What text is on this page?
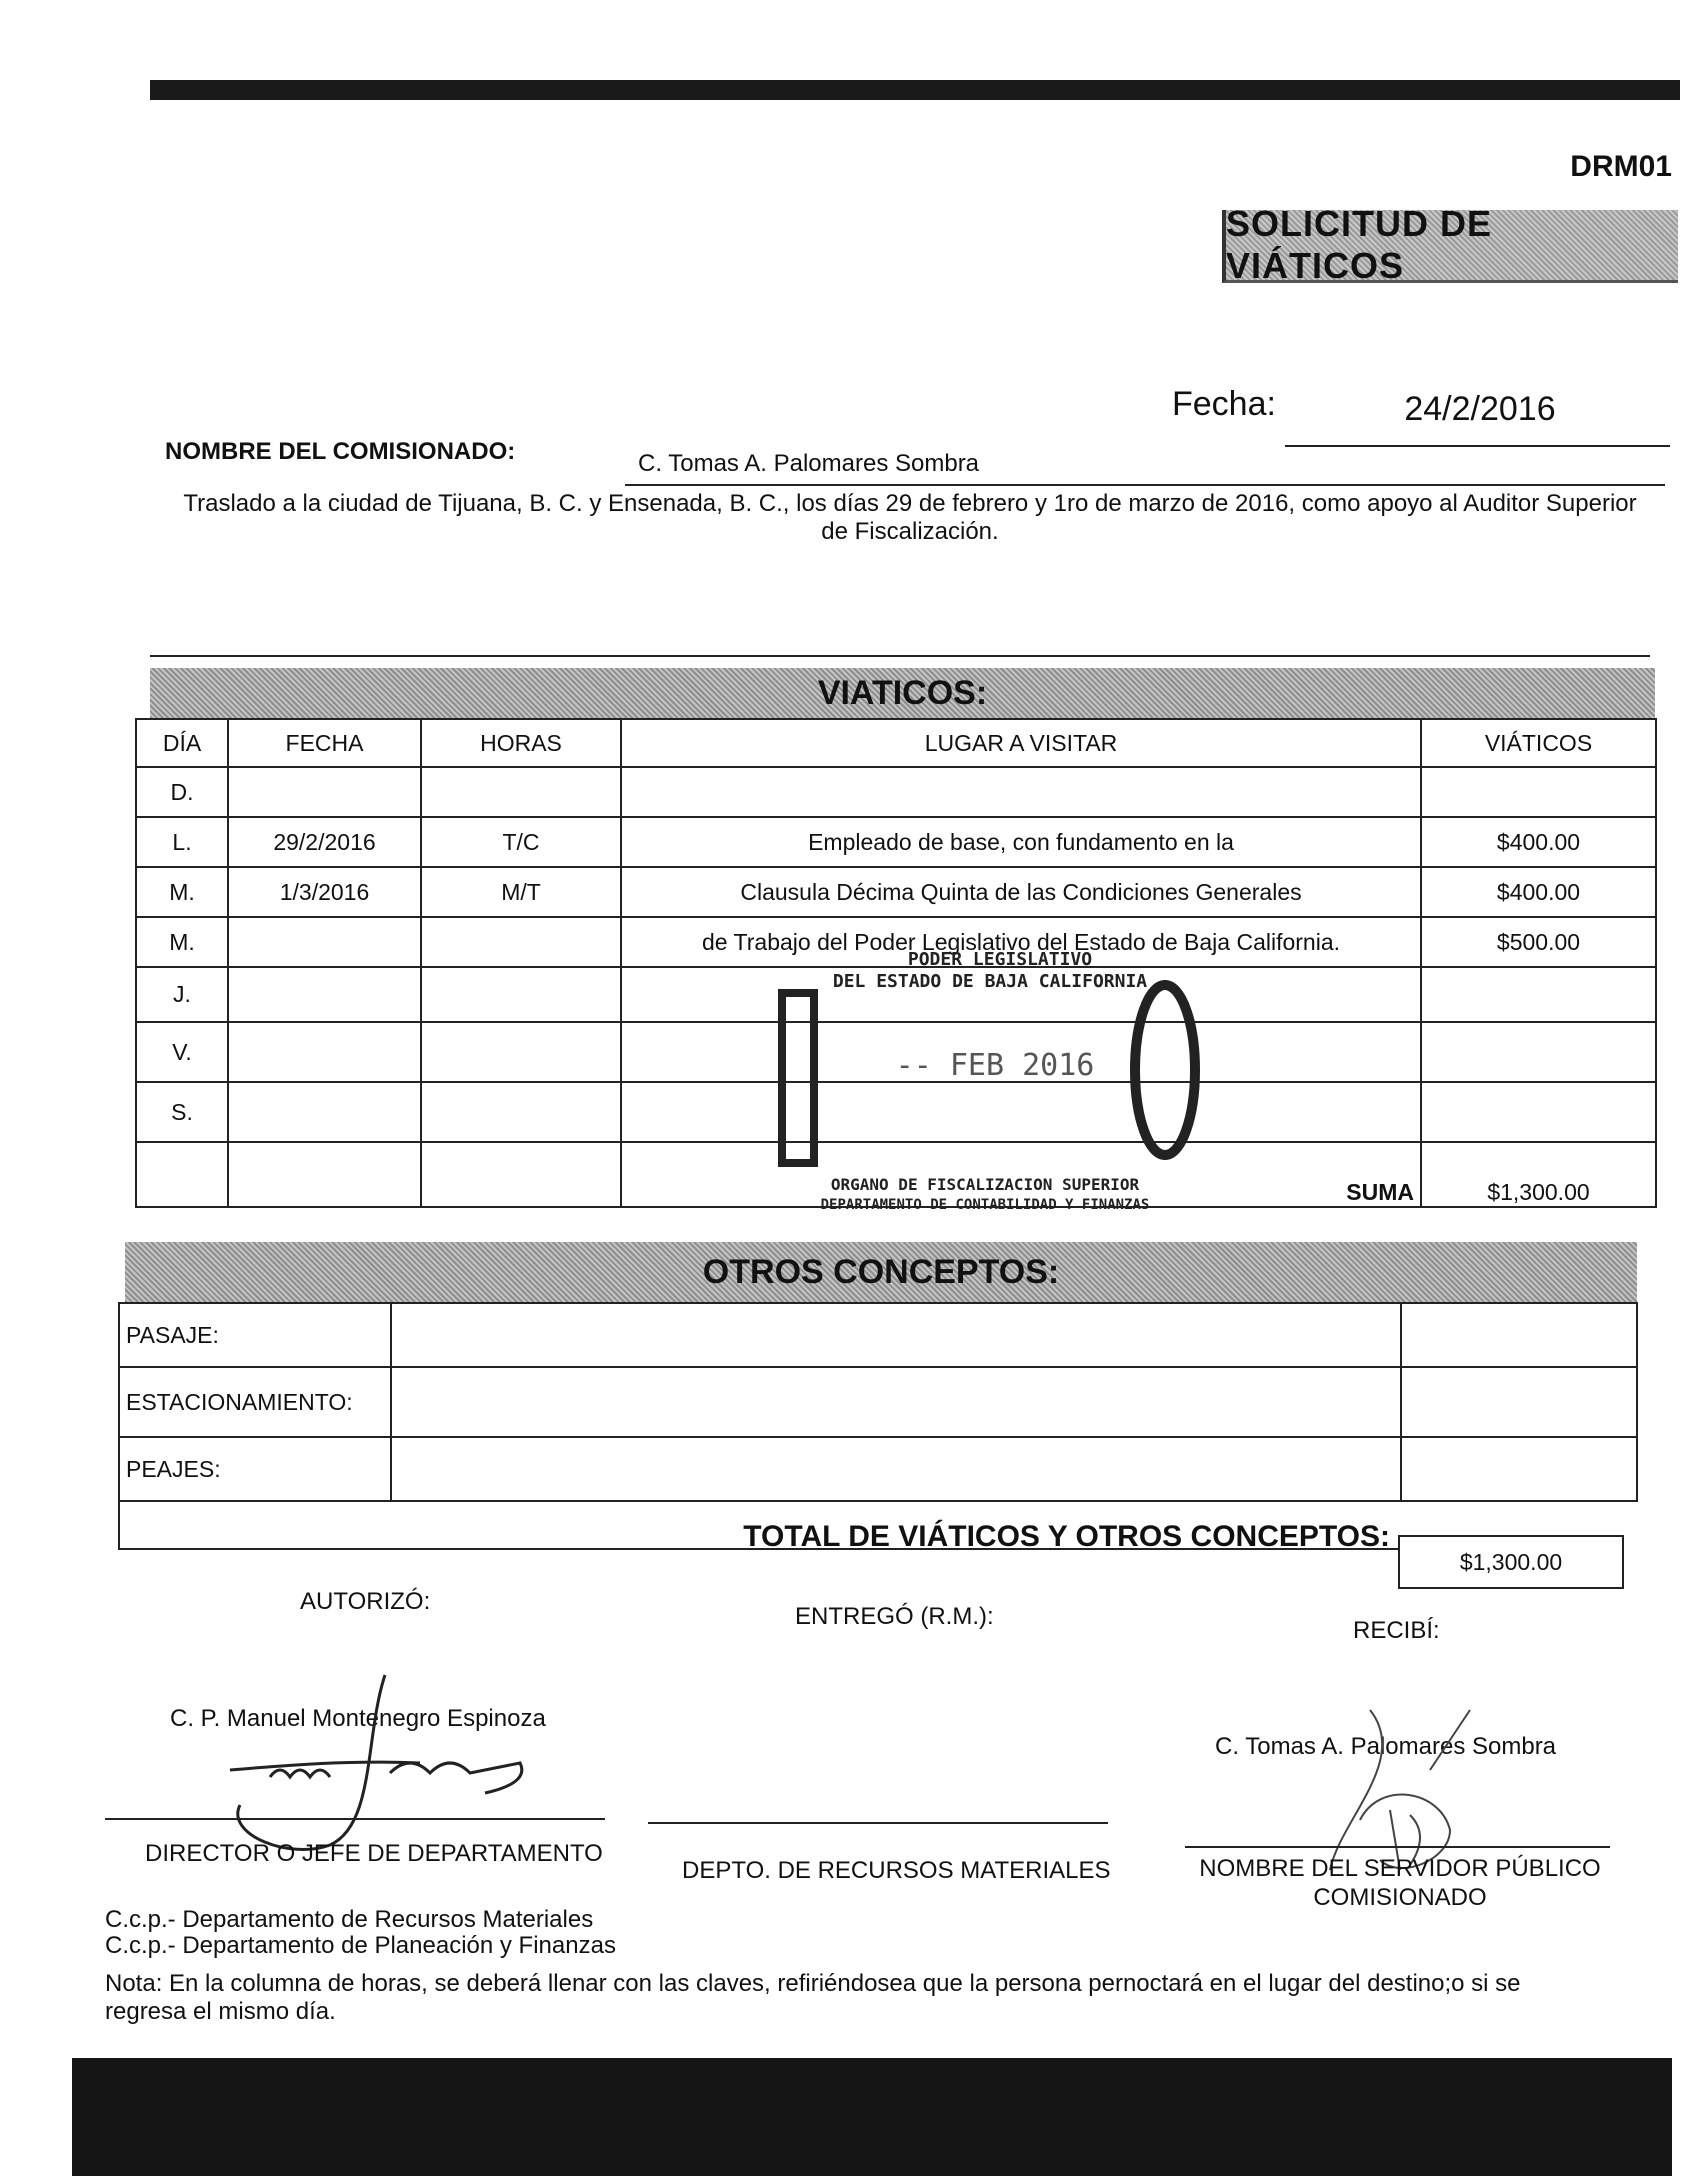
DRM01
SOLICITUD DE VIÁTICOS
Fecha:	24/2/2016
NOMBRE DEL COMISIONADO:	C. Tomas A. Palomares Sombra
Traslado a la ciudad de Tijuana, B. C. y Ensenada, B. C., los días 29 de febrero y 1ro de marzo de 2016, como apoyo al Auditor Superior de Fiscalización.
VIATICOS:
DÍA	FECHA	HORAS	LUGAR A VISITAR	VIÁTICOS
D.				
L.	29/2/2016	T/C	Empleado de base, con fundamento en la	$400.00
M.	1/3/2016	M/T	Clausula Décima Quinta de las Condiciones Generales	$400.00
M.			de Trabajo del Poder Legislativo del Estado de Baja California.	$500.00
J.				
V.				
S.				
			SUMA	$1,300.00
PODER LEGISLATIVO
DEL ESTADO DE BAJA CALIFORNIA
-- FEB 2016
ORGANO DE FISCALIZACION SUPERIOR
DEPARTAMENTO DE CONTABILIDAD Y FINANZAS
OTROS CONCEPTOS:
PASAJE:		
ESTACIONAMIENTO:		
PEAJES:		
TOTAL DE VIÁTICOS Y OTROS CONCEPTOS:
$1,300.00
AUTORIZÓ:
ENTREGÓ (R.M.):
RECIBÍ:
C. P. Manuel Montenegro Espinoza
C. Tomas A. Palomares Sombra
DIRECTOR O JEFE DE DEPARTAMENTO
DEPTO. DE RECURSOS MATERIALES	NOMBRE DEL SERVIDOR PÚBLICO
COMISIONADO
C.c.p.- Departamento de Recursos Materiales
C.c.p.- Departamento de Planeación y Finanzas
Nota: En la columna de horas, se deberá llenar con las claves, refiriéndosea que la persona pernoctará en el lugar del destino;o si se regresa el mismo día.
